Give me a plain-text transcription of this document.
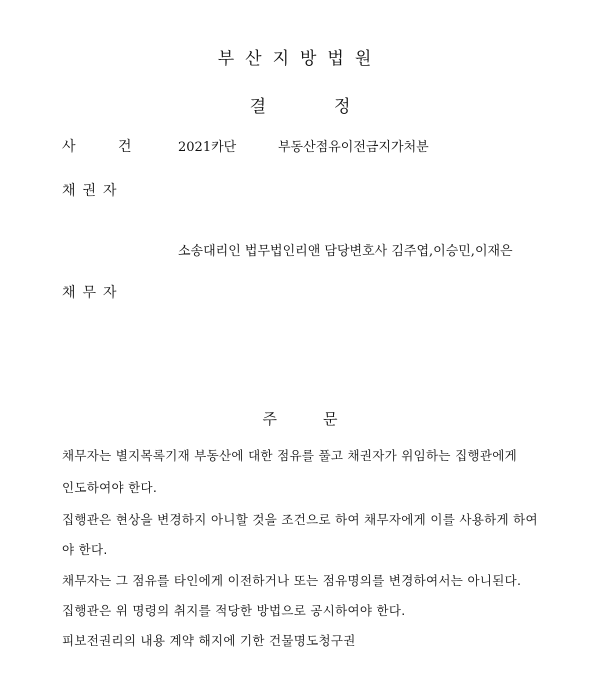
부산지방법원
결	정
사	건	2021카단	부동산점유이전금지가처분
채권자
소송대리인 법무법인리앤 담당변호사 김주엽,이승민,이재은
채무자
주	문
채무자는 별지목록기재 부동산에 대한 점유를 풀고 채권자가 위임하는 집행관에게
인도하여야 한다.
집행관은 현상을 변경하지 아니할 것을 조건으로 하여 채무자에게 이를 사용하게 하여
야 한다.
채무자는 그 점유를 타인에게 이전하거나 또는 점유명의를 변경하여서는 아니된다.
집행관은 위 명령의 취지를 적당한 방법으로 공시하여야 한다.
피보전권리의 내용 계약 해지에 기한 건물명도청구권
